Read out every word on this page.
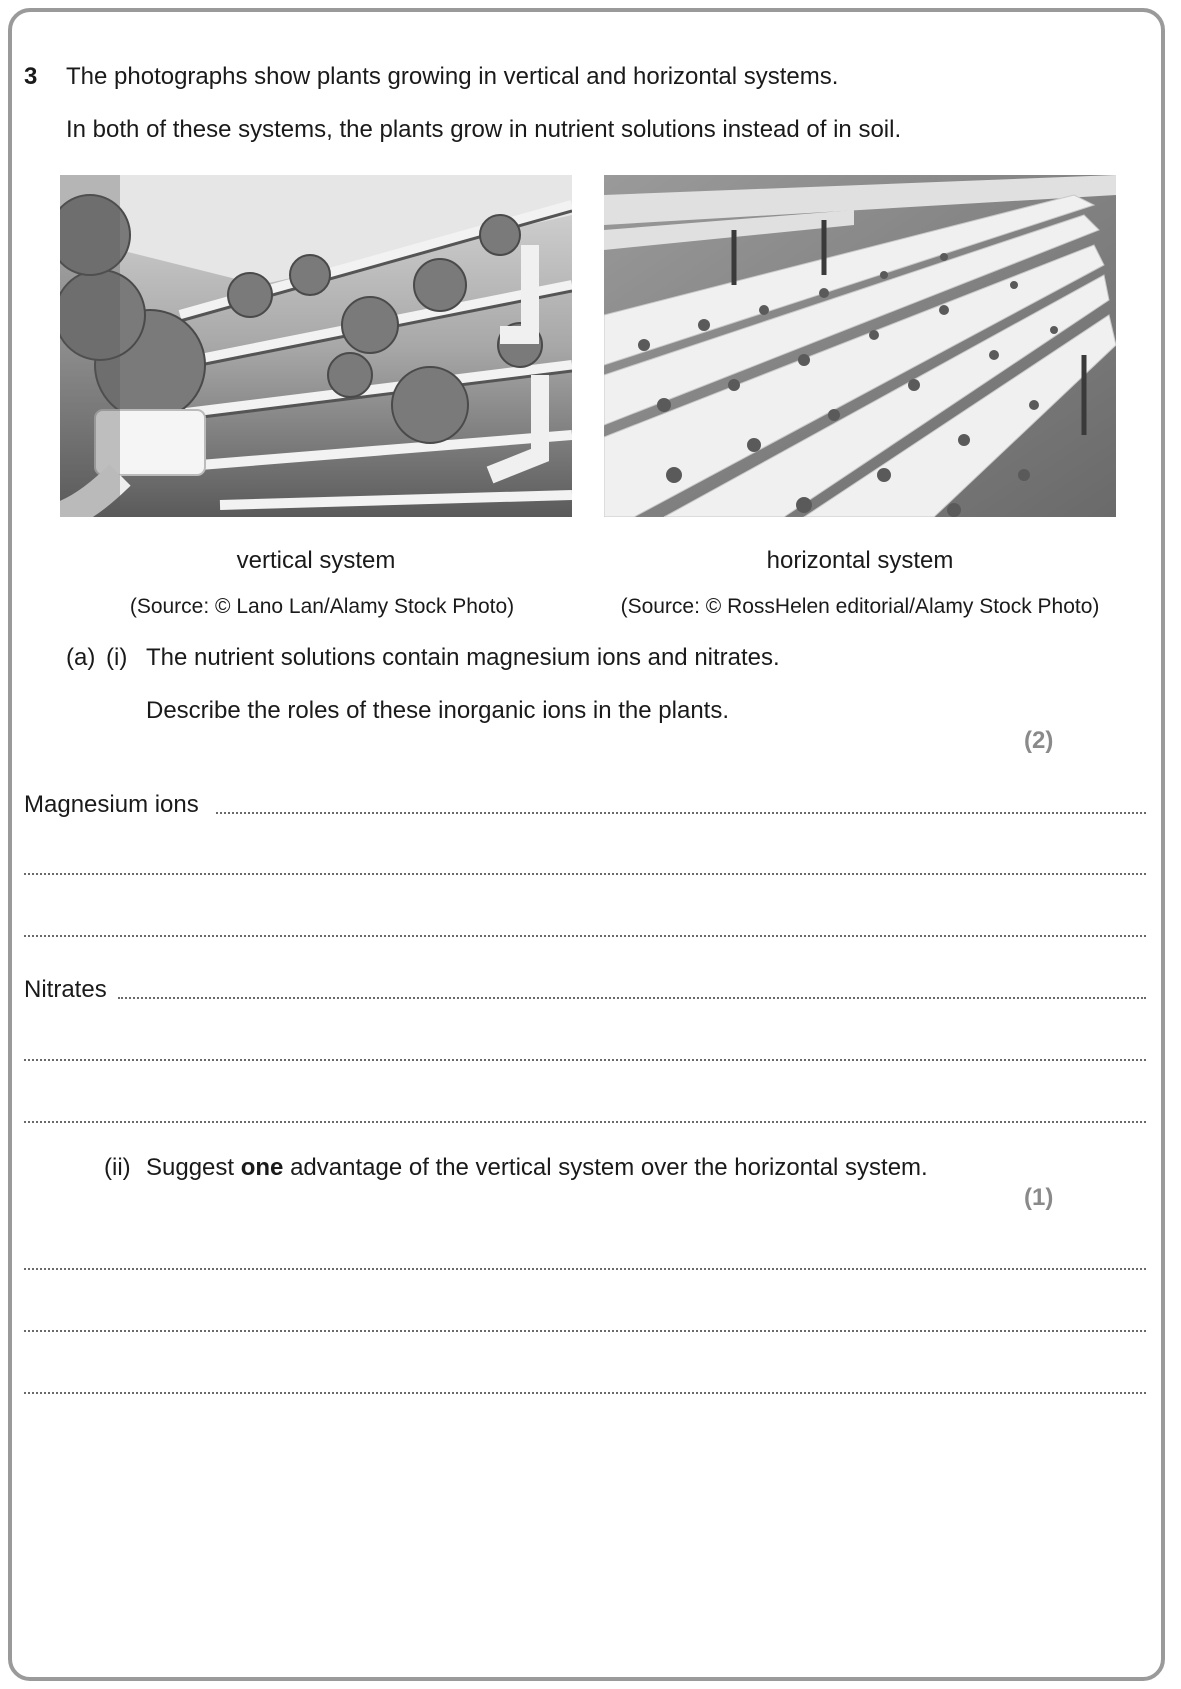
3 The photographs show plants growing in vertical and horizontal systems.
In both of these systems, the plants grow in nutrient solutions instead of in soil.
vertical system	horizontal system
(Source: © Lano Lan/Alamy Stock Photo)	(Source: © RossHelen editorial/Alamy Stock Photo)
(a) (i) The nutrient solutions contain magnesium ions and nitrates.
Describe the roles of these inorganic ions in the plants.
(2)
Magnesium ions
Nitrates
(ii) Suggest one advantage of the vertical system over the horizontal system.
(1)
